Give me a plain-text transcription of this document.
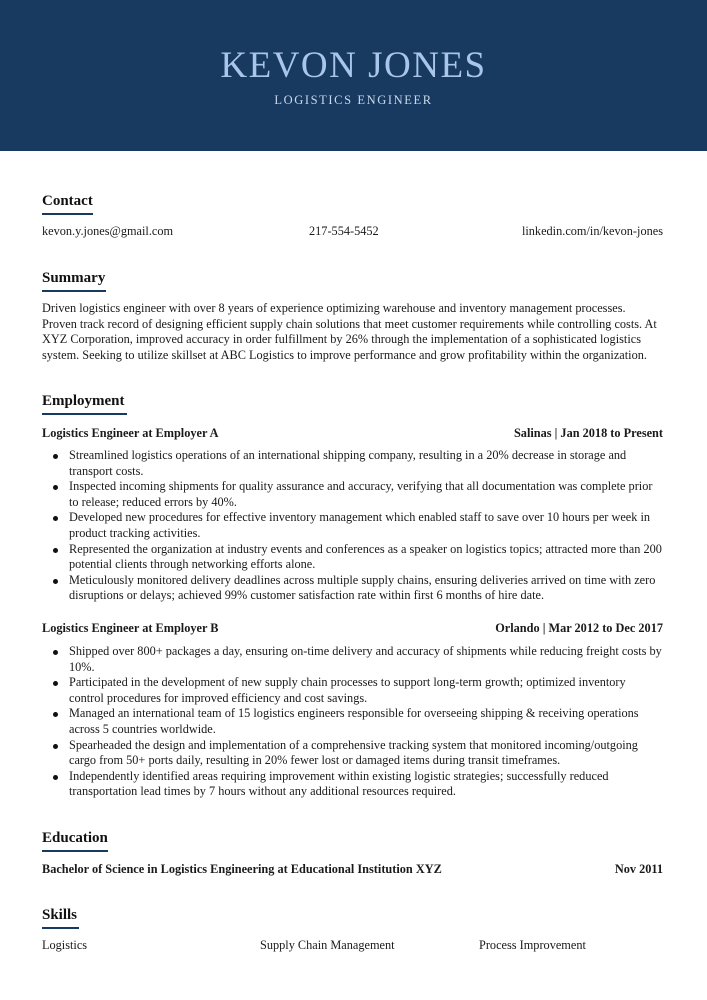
KEVON JONES
LOGISTICS ENGINEER
Contact
kevon.y.jones@gmail.com	217-554-5452	linkedin.com/in/kevon-jones
Summary
Driven logistics engineer with over 8 years of experience optimizing warehouse and inventory management processes. Proven track record of designing efficient supply chain solutions that meet customer requirements while controlling costs. At XYZ Corporation, improved accuracy in order fulfillment by 26% through the implementation of a sophisticated logistics system. Seeking to utilize skillset at ABC Logistics to improve performance and grow profitability within the organization.
Employment
Logistics Engineer at Employer A	Salinas | Jan 2018 to Present
Streamlined logistics operations of an international shipping company, resulting in a 20% decrease in storage and transport costs.
Inspected incoming shipments for quality assurance and accuracy, verifying that all documentation was complete prior to release; reduced errors by 40%.
Developed new procedures for effective inventory management which enabled staff to save over 10 hours per week in product tracking activities.
Represented the organization at industry events and conferences as a speaker on logistics topics; attracted more than 200 potential clients through networking efforts alone.
Meticulously monitored delivery deadlines across multiple supply chains, ensuring deliveries arrived on time with zero disruptions or delays; achieved 99% customer satisfaction rate within first 6 months of hire date.
Logistics Engineer at Employer B	Orlando | Mar 2012 to Dec 2017
Shipped over 800+ packages a day, ensuring on-time delivery and accuracy of shipments while reducing freight costs by 10%.
Participated in the development of new supply chain processes to support long-term growth; optimized inventory control procedures for improved efficiency and cost savings.
Managed an international team of 15 logistics engineers responsible for overseeing shipping & receiving operations across 5 countries worldwide.
Spearheaded the design and implementation of a comprehensive tracking system that monitored incoming/outgoing cargo from 50+ ports daily, resulting in 20% fewer lost or damaged items during transit timeframes.
Independently identified areas requiring improvement within existing logistic strategies; successfully reduced transportation lead times by 7 hours without any additional resources required.
Education
Bachelor of Science in Logistics Engineering at Educational Institution XYZ	Nov 2011
Skills
Logistics	Supply Chain Management	Process Improvement
